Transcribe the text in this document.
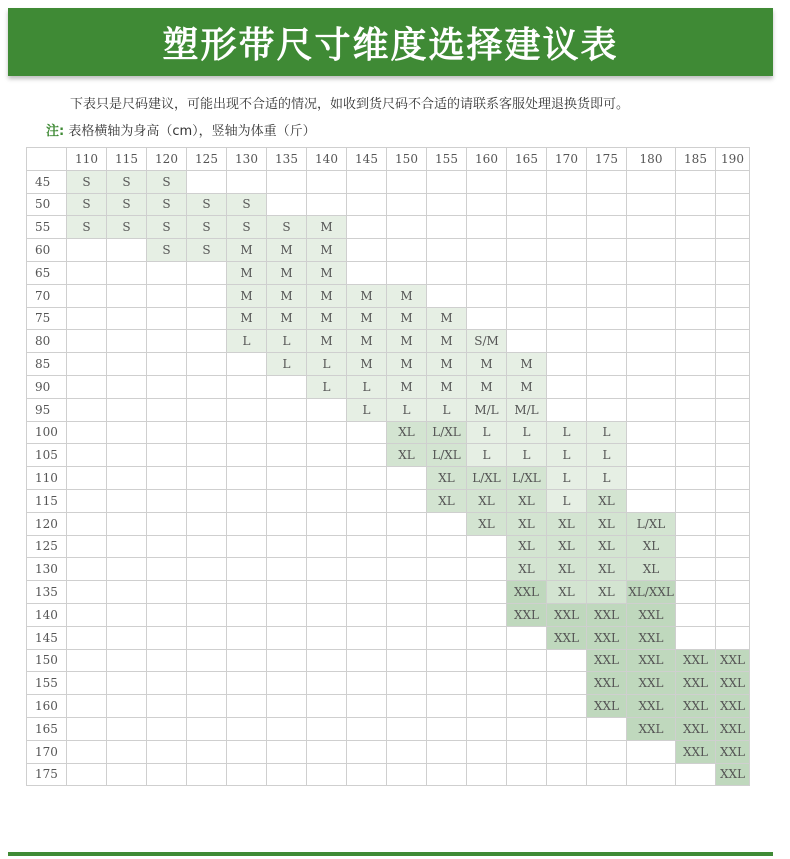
塑形带尺寸维度选择建议表
下表只是尺码建议，可能出现不合适的情况，如收到货尺码不合适的请联系客服处理退换货即可。
注: 表格横轴为身高（cm），竖轴为体重（斤）
	110	115	120	125	130	135	140	145	150	155	160	165	170	175	180	185	190
45	S	S	S														
50	S	S	S	S	S												
55	S	S	S	S	S	S	M										
60			S	S	M	M	M										
65					M	M	M										
70					M	M	M	M	M								
75					M	M	M	M	M	M							
80					L	L	M	M	M	M	S/M						
85						L	L	M	M	M	M	M					
90							L	L	M	M	M	M					
95								L	L	L	M/L	M/L					
100									XL	L/XL	L	L	L	L			
105									XL	L/XL	L	L	L	L			
110										XL	L/XL	L/XL	L	L			
115										XL	XL	XL	L	XL			
120											XL	XL	XL	XL	L/XL		
125												XL	XL	XL	XL		
130												XL	XL	XL	XL		
135												XXL	XL	XL	XL/XXL		
140												XXL	XXL	XXL	XXL		
145													XXL	XXL	XXL		
150														XXL	XXL	XXL	XXL
155														XXL	XXL	XXL	XXL
160														XXL	XXL	XXL	XXL
165															XXL	XXL	XXL
170																XXL	XXL
175																	XXL
